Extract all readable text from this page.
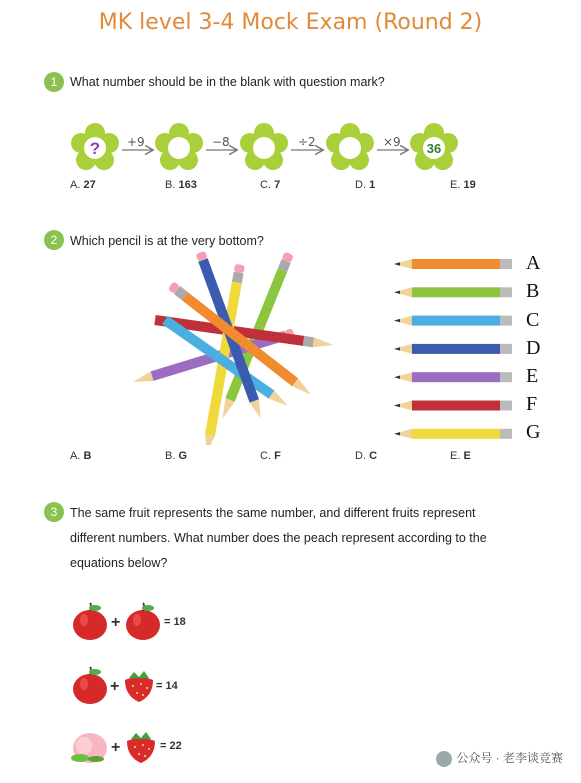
MK level 3-4 Mock Exam (Round 2)
1	What number should be in the blank with question mark?
?	36
+9	−8	÷2	×9
A. 27	B. 163	C. 7	D. 1	E. 19
2	Which pencil is at the very bottom?
A
B
C
D
E
F
G
A. B	B. G	C. F	D. C	E. E
3	The same fruit represents the same number, and different fruits represent
different numbers. What number does the peach represent according to the
equations below?
+	= 18
+	= 14
+	= 22
公众号 · 老李谈竞赛
